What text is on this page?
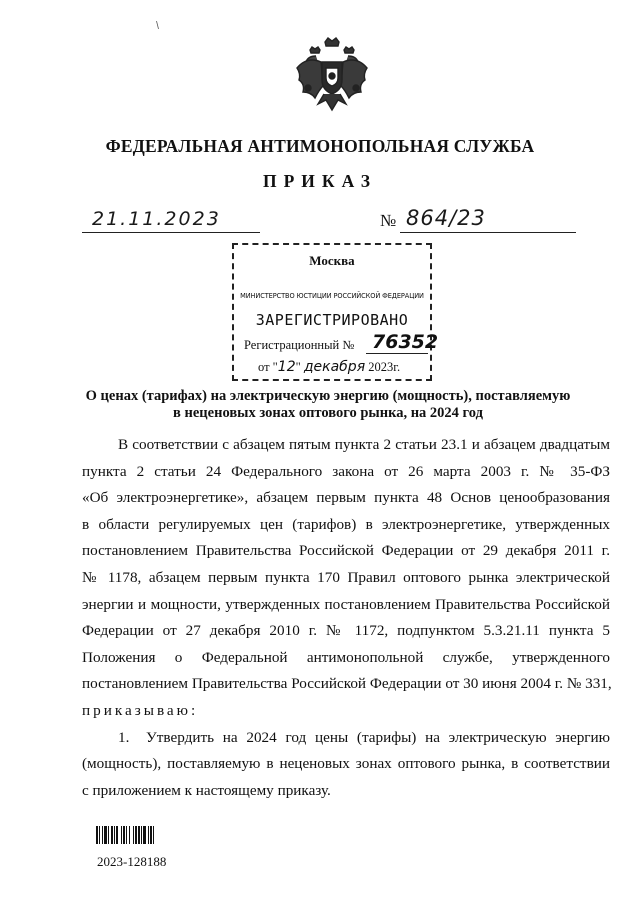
ФЕДЕРАЛЬНАЯ АНТИМОНОПОЛЬНАЯ СЛУЖБА
ПРИКАЗ
21.11.2023	№ 864/23
Москва
МИНИСТЕРСТВО ЮСТИЦИИ РОССИЙСКОЙ ФЕДЕРАЦИИ
ЗАРЕГИСТРИРОВАНО
Регистрационный № 76352
от "12" декабря 2023г.
О ценах (тарифах) на электрическую энергию (мощность), поставляемую
в неценовых зонах оптового рынка, на 2024 год
В соответствии с абзацем пятым пункта 2 статьи 23.1 и абзацем двадцатым
пункта 2 статьи 24 Федерального закона от 26 марта 2003 г. № 35-ФЗ
«Об электроэнергетике», абзацем первым пункта 48 Основ ценообразования
в области регулируемых цен (тарифов) в электроэнергетике, утвержденных
постановлением Правительства Российской Федерации от 29 декабря 2011 г.
№ 1178, абзацем первым пункта 170 Правил оптового рынка электрической
энергии и мощности, утвержденных постановлением Правительства Российской
Федерации от 27 декабря 2010 г. № 1172, подпунктом 5.3.21.11 пункта 5
Положения о Федеральной антимонопольной службе, утвержденного
постановлением Правительства Российской Федерации от 30 июня 2004 г. № 331,
приказываю:
1. Утвердить на 2024 год цены (тарифы) на электрическую энергию
(мощность), поставляемую в неценовых зонах оптового рынка, в соответствии
с приложением к настоящему приказу.
2023-128188
